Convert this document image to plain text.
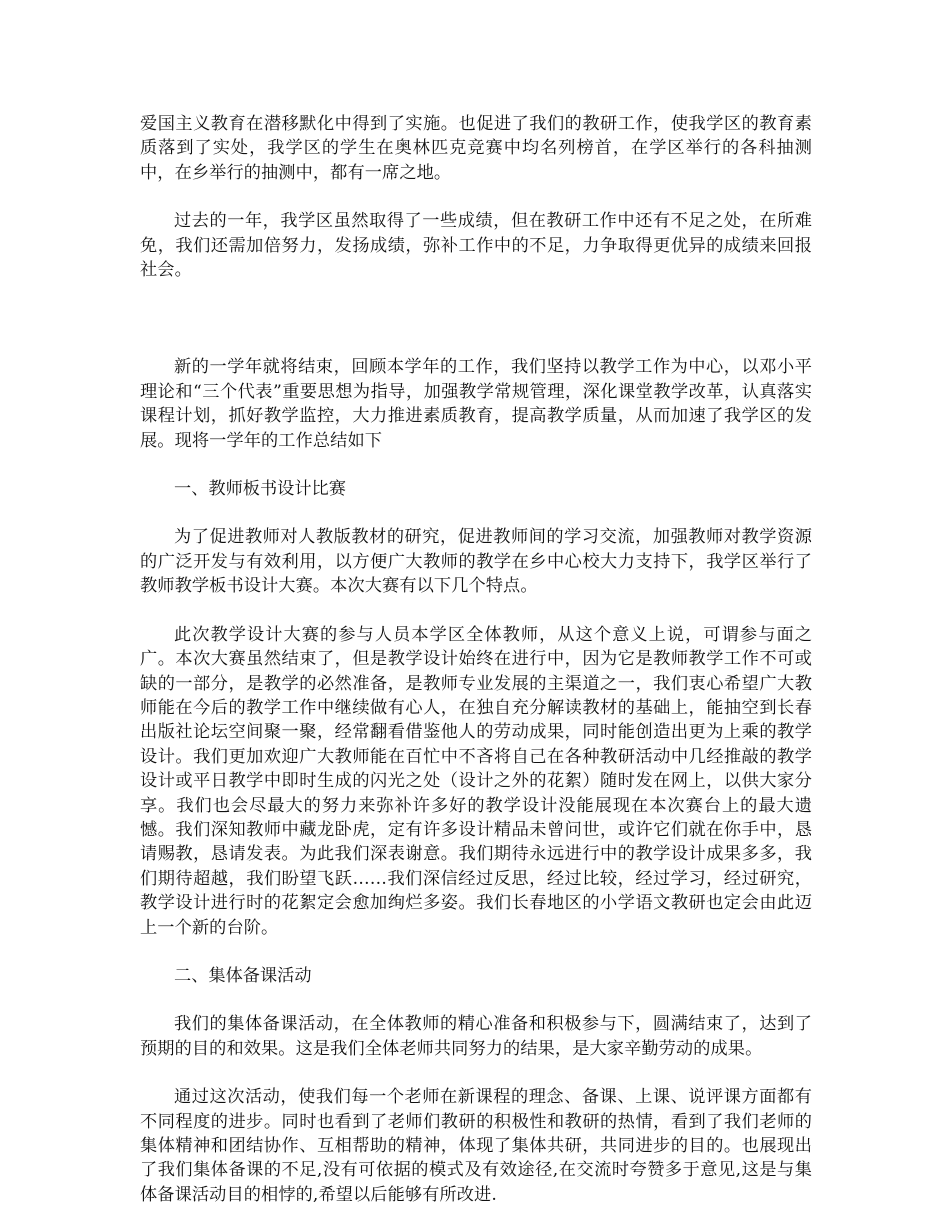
爱国主义教育在潜移默化中得到了实施。也促进了我们的教研工作，使我学区的教育素质落到了实处，我学区的学生在奥林匹克竞赛中均名列榜首，在学区举行的各科抽测中，在乡举行的抽测中，都有一席之地。

过去的一年，我学区虽然取得了一些成绩，但在教研工作中还有不足之处，在所难免，我们还需加倍努力，发扬成绩，弥补工作中的不足，力争取得更优异的成绩来回报社会。

新的一学年就将结束，回顾本学年的工作，我们坚持以教学工作为中心，以邓小平理论和“三个代表”重要思想为指导，加强教学常规管理，深化课堂教学改革，认真落实课程计划，抓好教学监控，大力推进素质教育，提高教学质量，从而加速了我学区的发展。现将一学年的工作总结如下

一、教师板书设计比赛

为了促进教师对人教版教材的研究，促进教师间的学习交流，加强教师对教学资源的广泛开发与有效利用，以方便广大教师的教学在乡中心校大力支持下，我学区举行了教师教学板书设计大赛。本次大赛有以下几个特点。

此次教学设计大赛的参与人员本学区全体教师，从这个意义上说，可谓参与面之广。本次大赛虽然结束了，但是教学设计始终在进行中，因为它是教师教学工作不可或缺的一部分，是教学的必然准备，是教师专业发展的主渠道之一，我们衷心希望广大教师能在今后的教学工作中继续做有心人，在独自充分解读教材的基础上，能抽空到长春出版社论坛空间聚一聚，经常翻看借鉴他人的劳动成果，同时能创造出更为上乘的教学设计。我们更加欢迎广大教师能在百忙中不吝将自己在各种教研活动中几经推敲的教学设计或平日教学中即时生成的闪光之处（设计之外的花絮）随时发在网上，以供大家分享。我们也会尽最大的努力来弥补许多好的教学设计没能展现在本次赛台上的最大遗憾。我们深知教师中藏龙卧虎，定有许多设计精品未曾问世，或许它们就在你手中，恳请赐教，恳请发表。为此我们深表谢意。我们期待永远进行中的教学设计成果多多，我们期待超越，我们盼望飞跃……我们深信经过反思，经过比较，经过学习，经过研究，教学设计进行时的花絮定会愈加绚烂多姿。我们长春地区的小学语文教研也定会由此迈上一个新的台阶。

二、集体备课活动

我们的集体备课活动，在全体教师的精心准备和积极参与下，圆满结束了，达到了预期的目的和效果。这是我们全体老师共同努力的结果，是大家辛勤劳动的成果。

通过这次活动，使我们每一个老师在新课程的理念、备课、上课、说评课方面都有不同程度的进步。同时也看到了老师们教研的积极性和教研的热情，看到了我们老师的集体精神和团结协作、互相帮助的精神，体现了集体共研，共同进步的目的。也展现出了我们集体备课的不足,没有可依据的模式及有效途径,在交流时夸赞多于意见,这是与集体备课活动目的相悖的,希望以后能够有所改进.
